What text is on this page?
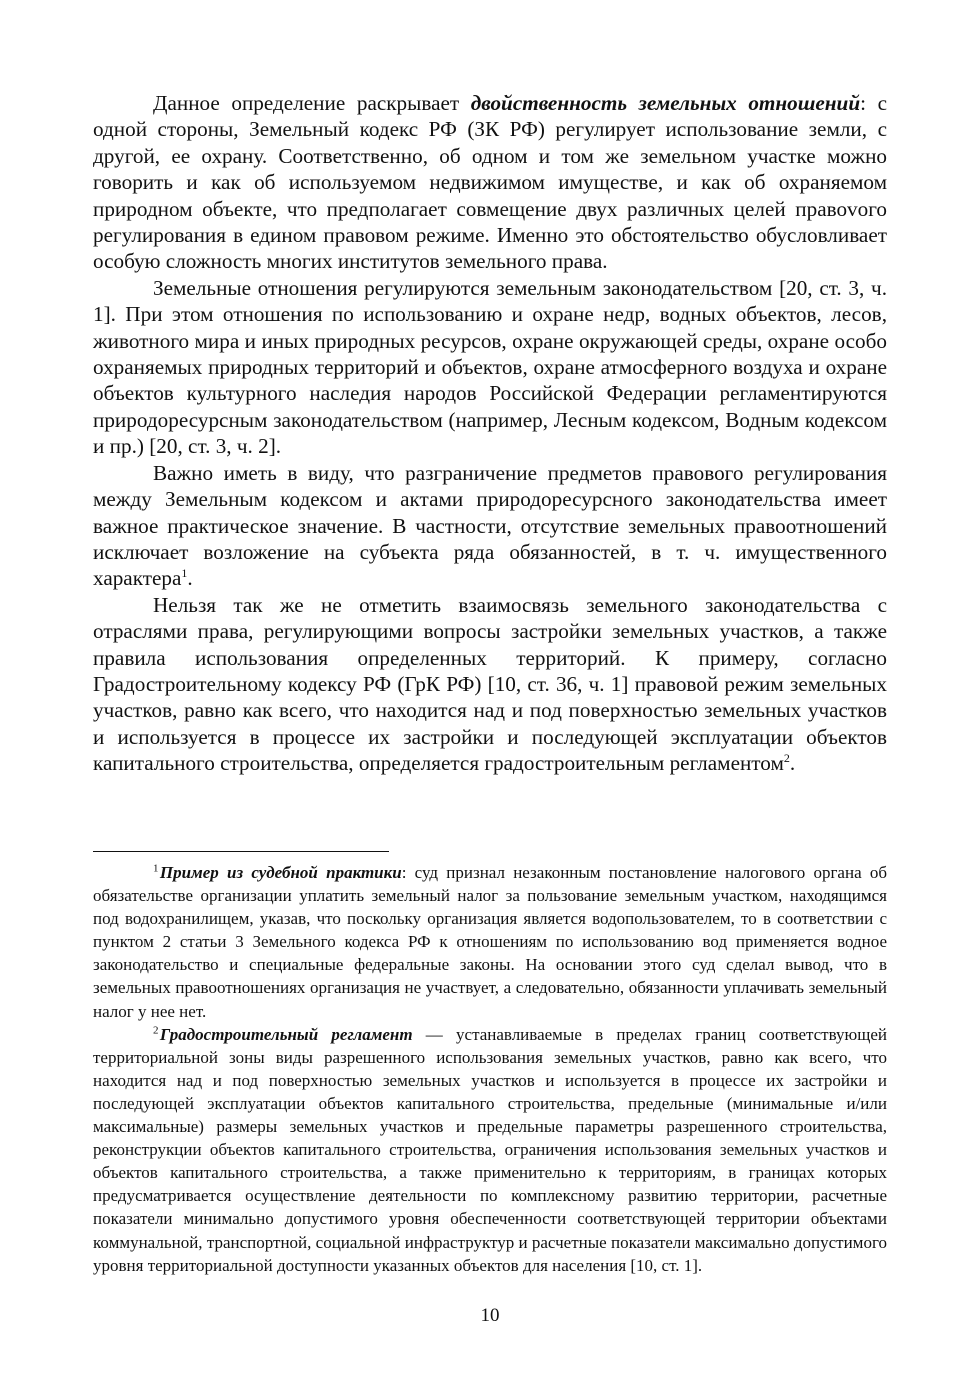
Данное определение раскрывает двойственность земельных отношений: с одной стороны, Земельный кодекс РФ (ЗК РФ) регулирует использование земли, с другой, ее охрану. Соответственно, об одном и том же земельном участке можно говорить и как об используемом недвижимом имуществе, и как об охраняемом природном объекте, что предполагает совмещение двух различных целей правоvого регулирования в едином правовом режиме. Именно это обстоятельство обусловливает особую сложность многих институтов земельного права.

Земельные отношения регулируются земельным законодательством [20, ст. 3, ч. 1]. При этом отношения по использованию и охране недр, водных объектов, лесов, животного мира и иных природных ресурсов, охране окружающей среды, охране особо охраняемых природных территорий и объектов, охране атмосферного воздуха и охране объектов культурного наследия народов Российской Федерации регламентируются природоресурсным законодательством (например, Лесным кодексом, Водным кодексом и пр.) [20, ст. 3, ч. 2].

Важно иметь в виду, что разграничение предметов правового регулирования между Земельным кодексом и актами природоресурсного законодательства имеет важное практическое значение. В частности, отсутствие земельных правоотношений исключает возложение на субъекта ряда обязанностей, в т. ч. имущественного характера$^1$.

Нельзя так же не отметить взаимосвязь земельного законодательства с отраслями права, регулирующими вопросы застройки земельных участков, а также правила использования определенных территорий. К примеру, согласно Градостроительному кодексу РФ (ГрК РФ) [10, ст. 36, ч. 1] правовой режим земельных участков, равно как всего, что находится над и под поверхностью земельных участков и используется в процессе их застройки и последующей эксплуатации объектов капитального строительства, определяется градостроительным регламентом$^2$.

$^1$ Пример из судебной практики: суд признал незаконным постановление налогового органа об обязательстве организации уплатить земельный налог за пользование земельным участком, находящимся под водохранилищем, указав, что поскольку организация является водопользователем, то в соответствии с пунктом 2 статьи 3 Земельного кодекса РФ к отношениям по использованию вод применяется водное законодательство и специальные федеральные законы. На основании этого суд сделал вывод, что в земельных правоотношениях организация не участвует, а следовательно, обязанности уплачивать земельный налог у нее нет.

$^2$ Градостроительный регламент — устанавливаемые в пределах границ соответствующей территориальной зоны виды разрешенного использования земельных участков, равно как всего, что находится над и под поверхностью земельных участков и используется в процессе их застройки и последующей эксплуатации объектов капитального строительства, предельные (минимальные и/или максимальные) размеры земельных участков и предельные параметры разрешенного строительства, реконструкции объектов капитального строительства, ограничения использования земельных участков и объектов капитального строительства, а также применительно к территориям, в границах которых предусматривается осуществление деятельности по комплексному развитию территории, расчетные показатели минимально допустимого уровня обеспеченности соответствующей территории объектами коммунальной, транспортной, социальной инфраструктур и расчетные показатели максимально допустимого уровня территориальной доступности указанных объектов для населения [10, ст. 1].

10
